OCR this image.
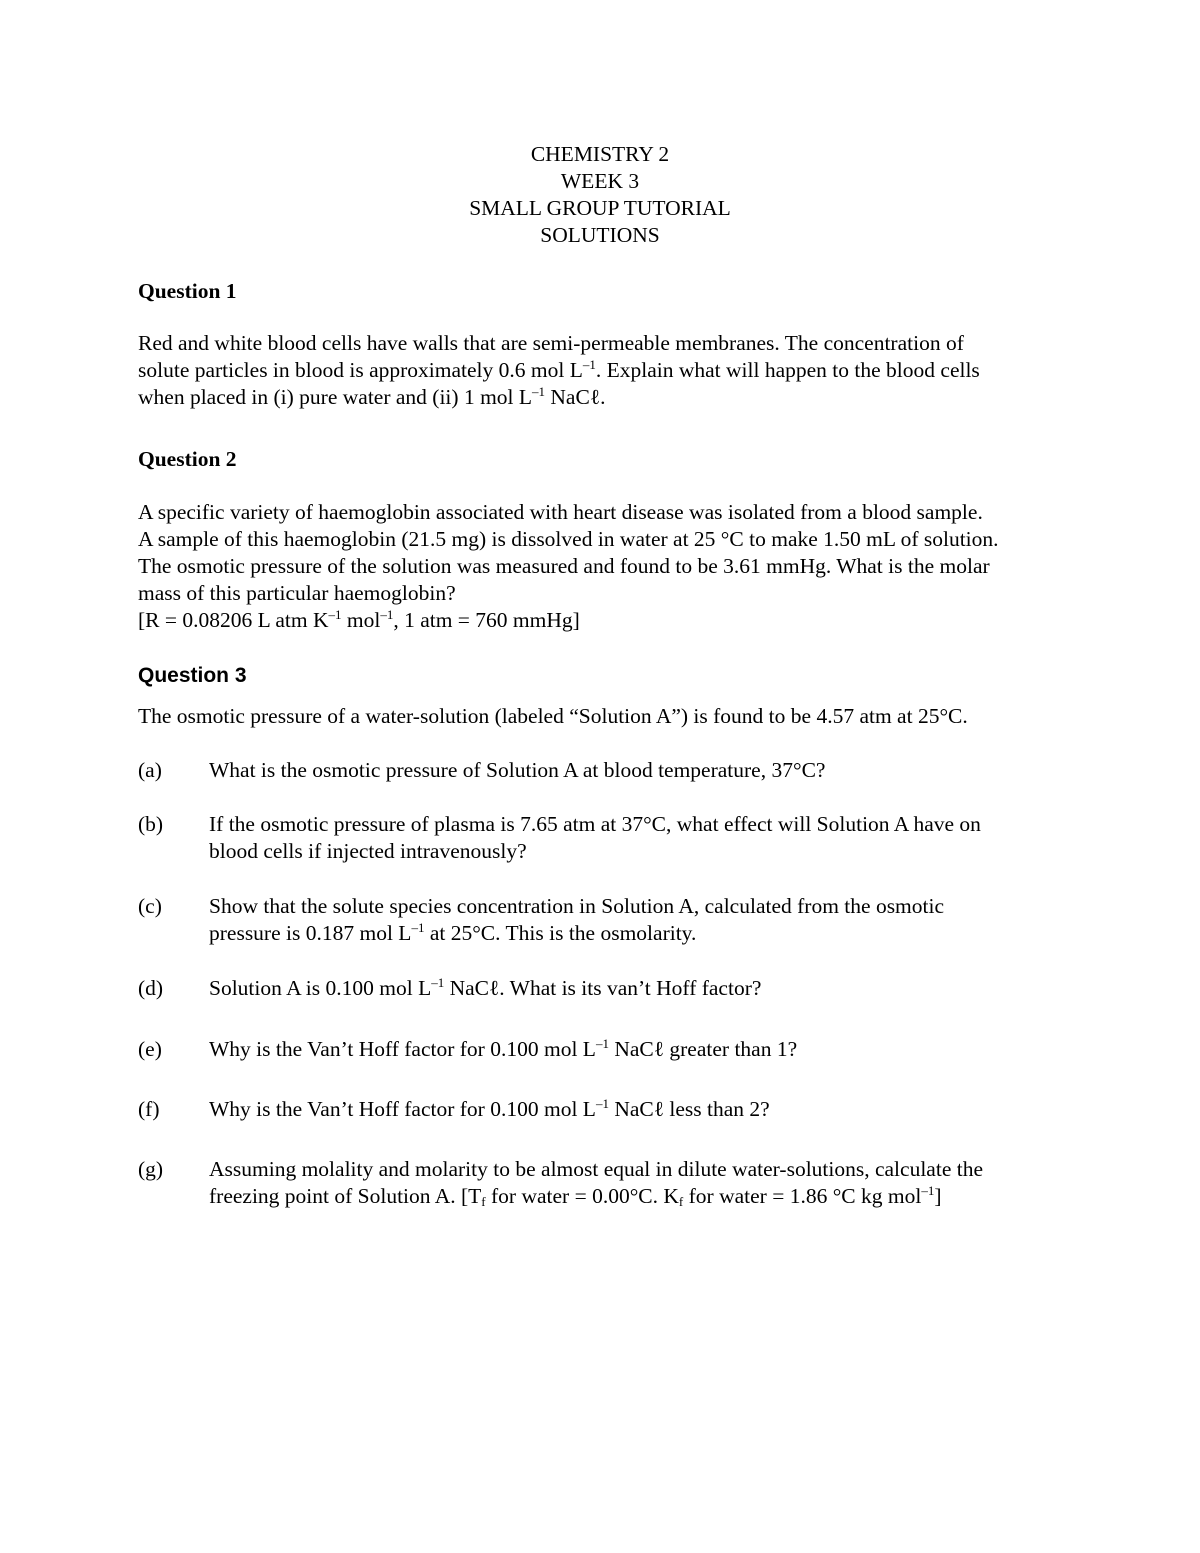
CHEMISTRY 2
WEEK 3
SMALL GROUP TUTORIAL
SOLUTIONS
Question 1
Red and white blood cells have walls that are semi-permeable membranes. The concentration of
solute particles in blood is approximately 0.6 mol $L^{-1}$. Explain what will happen to the blood cells
when placed in (i) pure water and (ii) 1 mol $L^{-1}$ NaCℓ.
Question 2
A specific variety of haemoglobin associated with heart disease was isolated from a blood sample.
A sample of this haemoglobin (21.5 mg) is dissolved in water at 25 °C to make 1.50 mL of solution.
The osmotic pressure of the solution was measured and found to be 3.61 mmHg. What is the molar
mass of this particular haemoglobin?
[R = 0.08206 L atm $K^{-1}$ mol$^{-1}$, 1 atm = 760 mmHg]
Question 3
The osmotic pressure of a water-solution (labeled “Solution A”) is found to be 4.57 atm at 25°C.
(a) What is the osmotic pressure of Solution A at blood temperature, 37°C?
(b) If the osmotic pressure of plasma is 7.65 atm at 37°C, what effect will Solution A have on
blood cells if injected intravenously?
(c) Show that the solute species concentration in Solution A, calculated from the osmotic
pressure is 0.187 mol $L^{-1}$ at 25°C. This is the osmolarity.
(d) Solution A is 0.100 mol $L^{-1}$ NaCℓ. What is its van’t Hoff factor?
(e) Why is the Van’t Hoff factor for 0.100 mol $L^{-1}$ NaCℓ greater than 1?
(f) Why is the Van’t Hoff factor for 0.100 mol $L^{-1}$ NaCℓ less than 2?
(g) Assuming molality and molarity to be almost equal in dilute water-solutions, calculate the
freezing point of Solution A. [$T_f$ for water = 0.00°C. $K_f$ for water = 1.86 °C kg mol$^{-1}$]
